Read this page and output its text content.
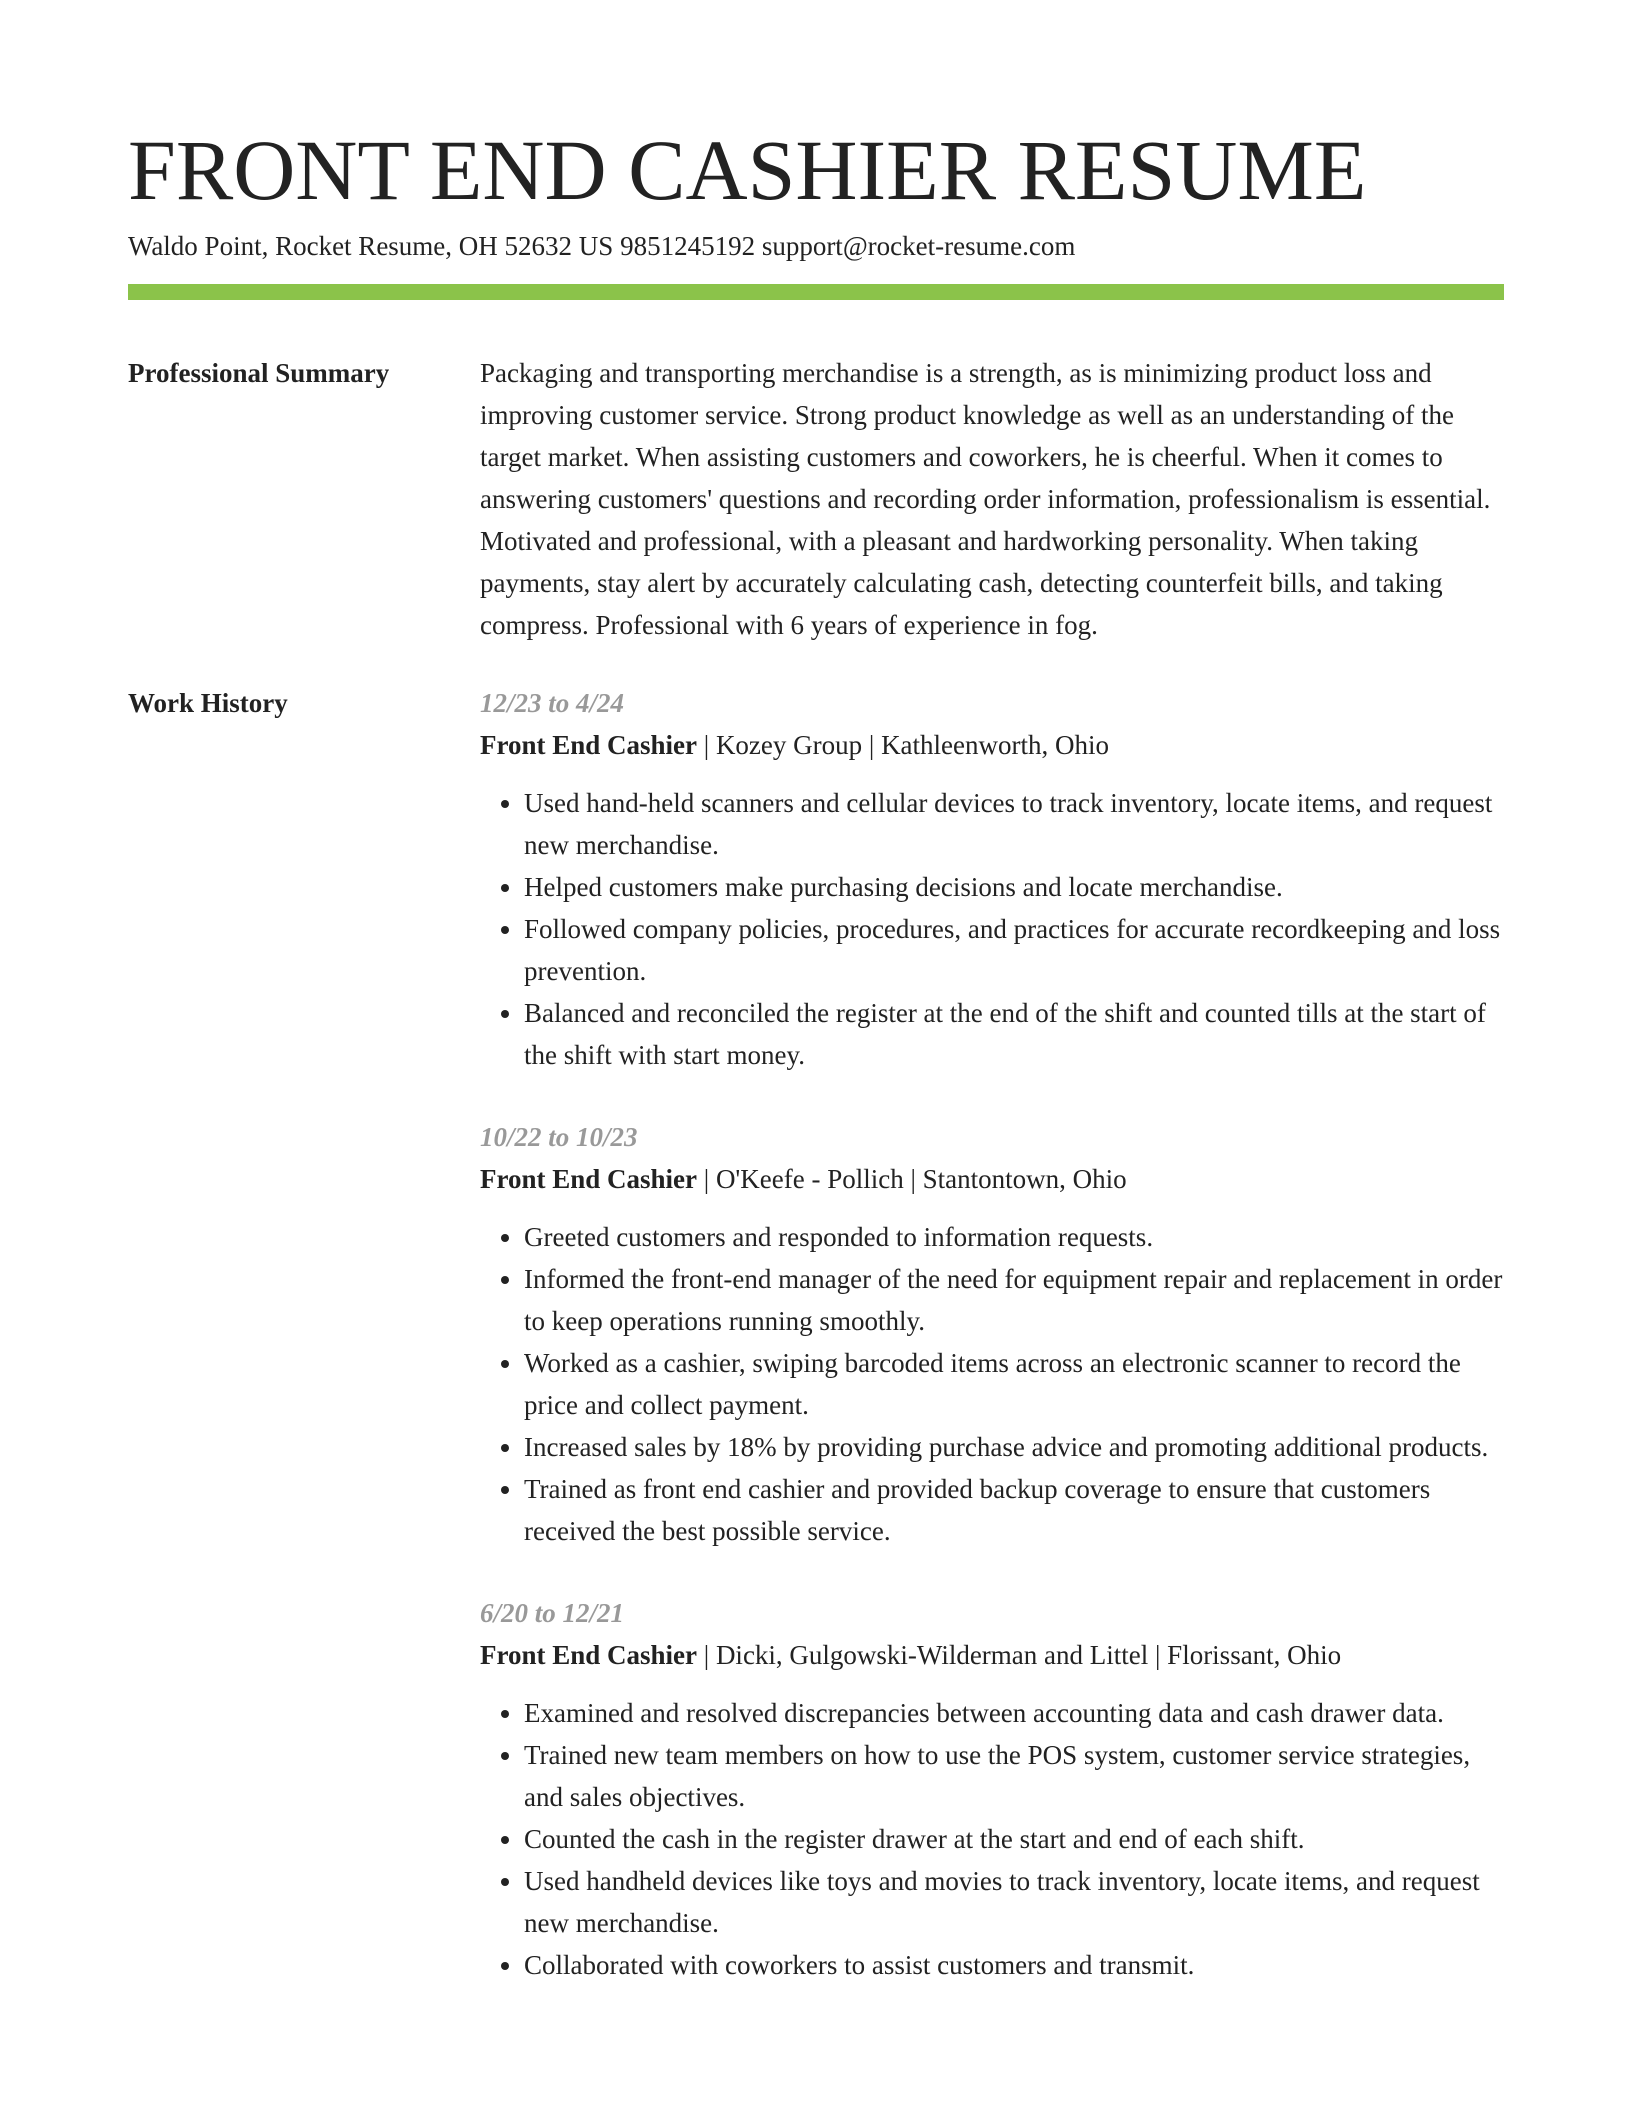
FRONT END CASHIER RESUME
Waldo Point, Rocket Resume, OH 52632 US 9851245192 support@rocket-resume.com
Professional Summary	Packaging and transporting merchandise is a strength, as is minimizing product loss and improving customer service. Strong product knowledge as well as an understanding of the target market. When assisting customers and coworkers, he is cheerful. When it comes to answering customers' questions and recording order information, professionalism is essential. Motivated and professional, with a pleasant and hardworking personality. When taking payments, stay alert by accurately calculating cash, detecting counterfeit bills, and taking compress. Professional with 6 years of experience in fog.

Work History	12/23 to 4/24
Front End Cashier | Kozey Group | Kathleenworth, Ohio
• Used hand-held scanners and cellular devices to track inventory, locate items, and request new merchandise.
• Helped customers make purchasing decisions and locate merchandise.
• Followed company policies, procedures, and practices for accurate recordkeeping and loss prevention.
• Balanced and reconciled the register at the end of the shift and counted tills at the start of the shift with start money.
10/22 to 10/23
Front End Cashier | O'Keefe - Pollich | Stantontown, Ohio
• Greeted customers and responded to information requests.
• Informed the front-end manager of the need for equipment repair and replacement in order to keep operations running smoothly.
• Worked as a cashier, swiping barcoded items across an electronic scanner to record the price and collect payment.
• Increased sales by 18% by providing purchase advice and promoting additional products.
• Trained as front end cashier and provided backup coverage to ensure that customers received the best possible service.
6/20 to 12/21
Front End Cashier | Dicki, Gulgowski-Wilderman and Littel | Florissant, Ohio
• Examined and resolved discrepancies between accounting data and cash drawer data.
• Trained new team members on how to use the POS system, customer service strategies, and sales objectives.
• Counted the cash in the register drawer at the start and end of each shift.
• Used handheld devices like toys and movies to track inventory, locate items, and request new merchandise.
• Collaborated with coworkers to assist customers and transmit.
